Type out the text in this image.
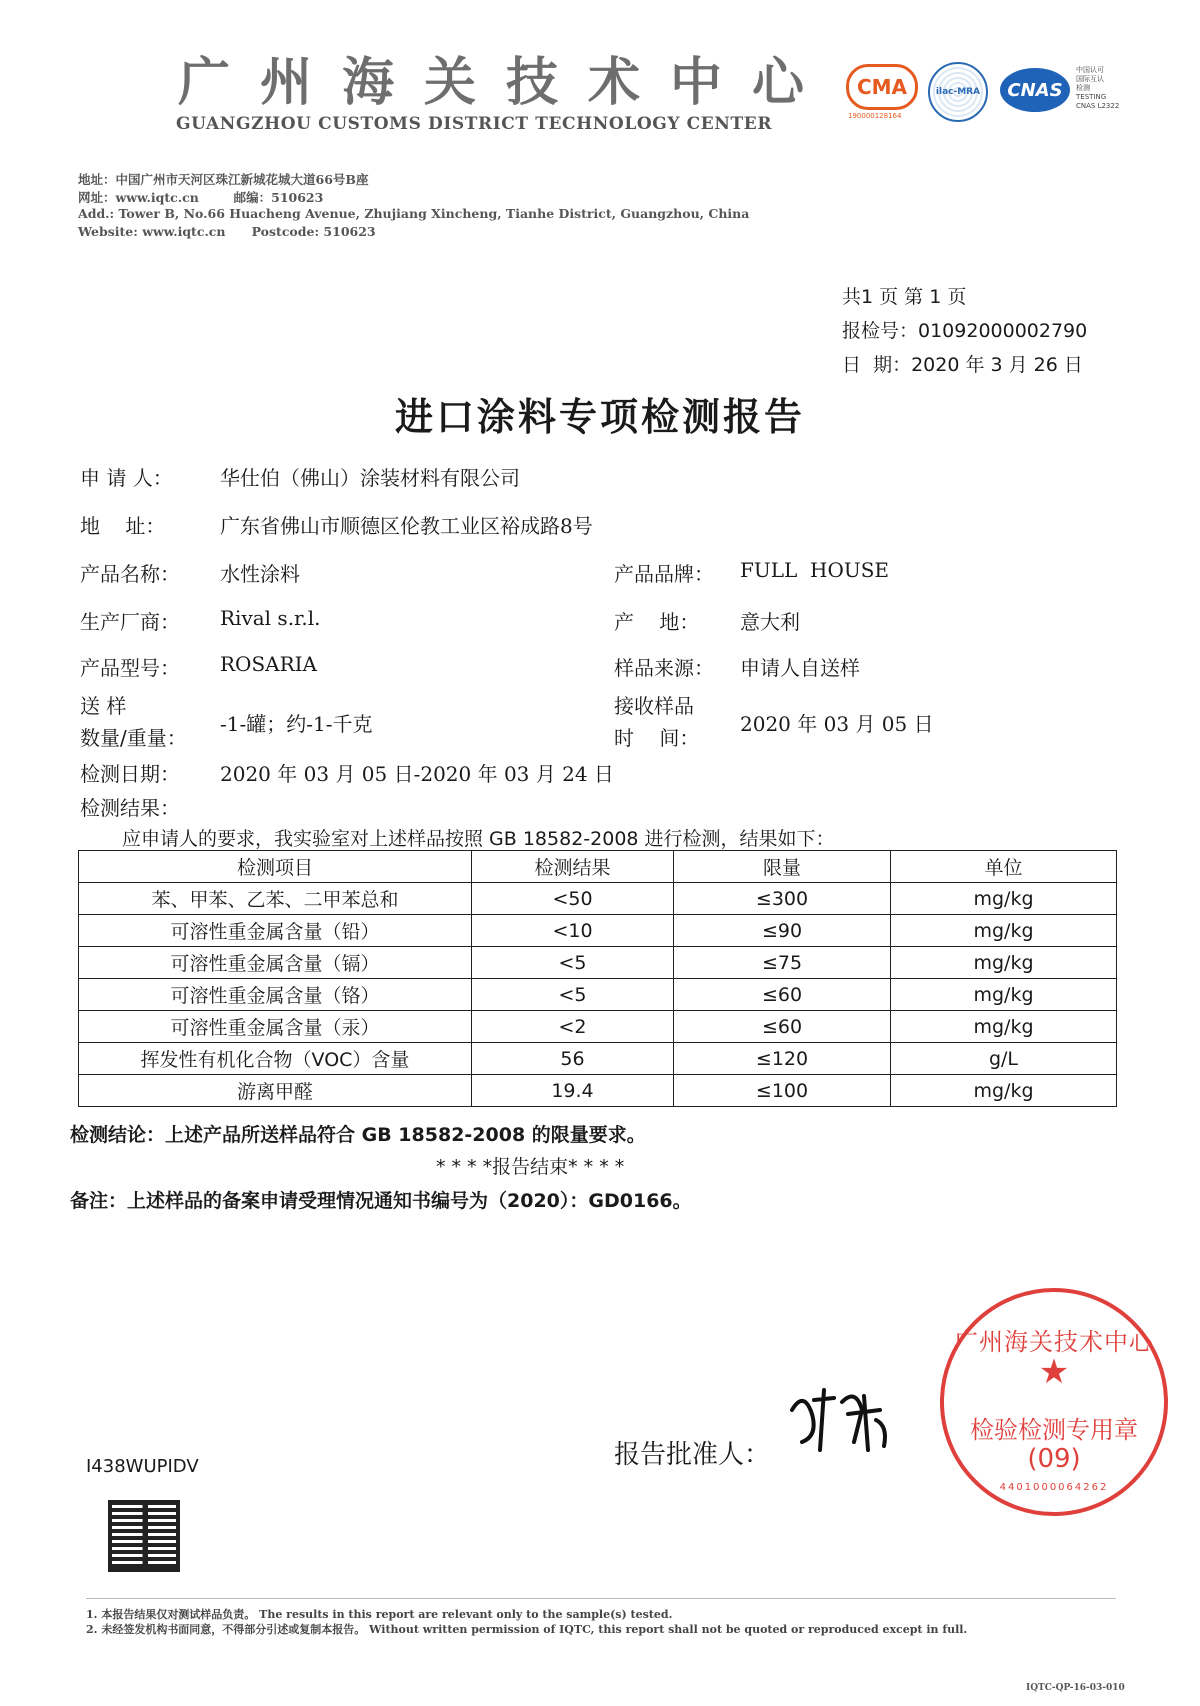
广州海关技术中心
GUANGZHOU CUSTOMS DISTRICT TECHNOLOGY CENTER
CMA
190000128164
ilac-MRA	CNAS
中国认可
国际互认
检测
TESTING
CNAS L2322
地址：中国广州市天河区珠江新城花城大道66号B座
网址：www.iqtc.cn        邮编：510623
Add.: Tower B, No.66 Huacheng Avenue, Zhujiang Xincheng, Tianhe District, Guangzhou, China
Website: www.iqtc.cn      Postcode: 510623
共1 页 第 1 页
报检号：01092000002790
日  期：2020 年 3 月 26 日
进口涂料专项检测报告
申 请 人： 华仕伯（佛山）涂装材料有限公司
地    址：	广东省佛山市顺德区伦教工业区裕成路8号
产品名称： 水性涂料	产品品牌： FULL  HOUSE
生产厂商： Rival s.r.l.	产    地： 意大利
产品型号： ROSARIA	样品来源： 申请人自送样
送 样
数量/重量：
-1-罐；约-1-千克
接收样品
时    间：
2020 年 03 月 05 日
检测日期： 2020 年 03 月 05 日-2020 年 03 月 24 日
检测结果：
应申请人的要求，我实验室对上述样品按照 GB 18582-2008 进行检测，结果如下：
检测项目	检测结果	限量	单位
苯、甲苯、乙苯、二甲苯总和	<50	≤300	mg/kg
可溶性重金属含量（铅）	<10	≤90	mg/kg
可溶性重金属含量（镉）	<5	≤75	mg/kg
可溶性重金属含量（铬）	<5	≤60	mg/kg
可溶性重金属含量（汞）	<2	≤60	mg/kg
挥发性有机化合物（VOC）含量	56	≤120	g/L
游离甲醛	19.4	≤100	mg/kg
检测结论：上述产品所送样品符合 GB 18582-2008 的限量要求。
* * * *报告结束* * * *
备注：上述样品的备案申请受理情况通知书编号为（2020）：GD0166。
广州海关技术中心
★
检验检测专用章
(09)
4401000064262
报告批准人：
I438WUPIDV
1. 本报告结果仅对测试样品负责。 The results in this report are relevant only to the sample(s) tested.
2. 未经签发机构书面同意，不得部分引述或复制本报告。 Without written permission of IQTC, this report shall not be quoted or reproduced except in full.
IQTC-QP-16-03-010
